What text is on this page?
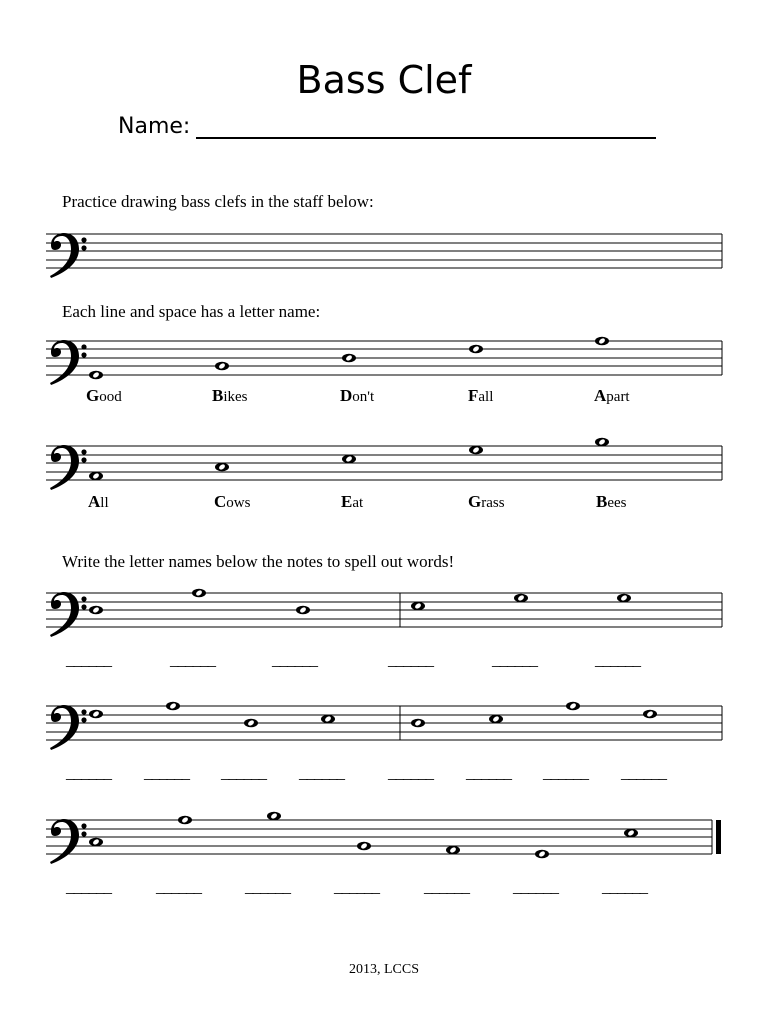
Bass Clef
Name:
Practice drawing bass clefs in the staff below:
Each line and space has a letter name:
Write the letter names below the notes to spell out words!
Good	Bikes	Don't	Fall	Apart
All	Cows	Eat	Grass	Bees
______	______	______	______	______	______
______ ______ ______ ______	______ ______ ______ ______
______	______	______	______	______	______	______
2013, LCCS
